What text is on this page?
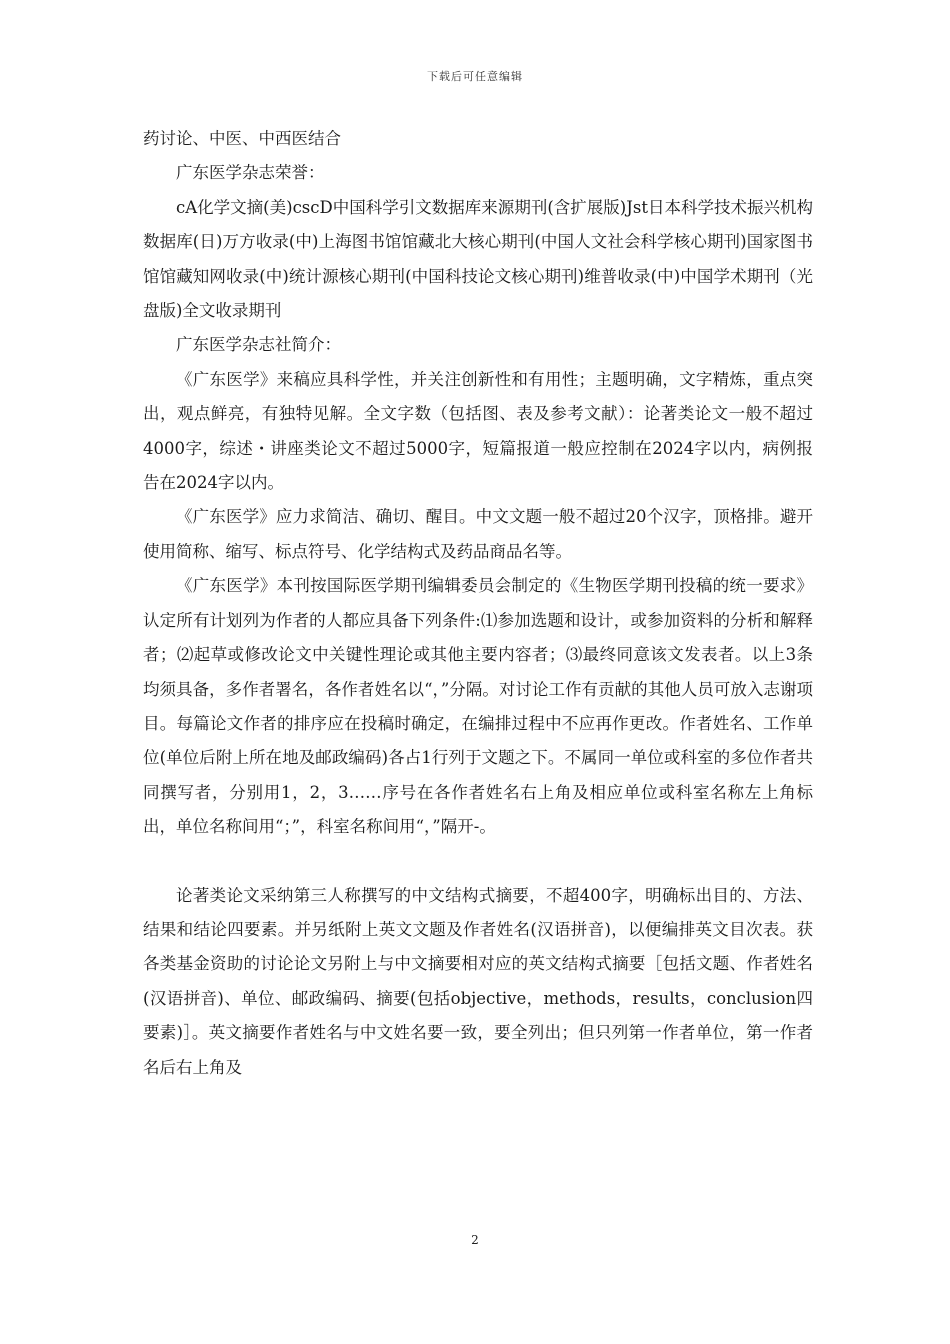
下载后可任意编辑

药讨论、中医、中西医结合

广东医学杂志荣誉：

cA化学文摘(美)cscD中国科学引文数据库来源期刊(含扩展版)Jst日本科学技术振兴机构数据库(日)万方收录(中)上海图书馆馆藏北大核心期刊(中国人文社会科学核心期刊)国家图书馆馆藏知网收录(中)统计源核心期刊(中国科技论文核心期刊)维普收录(中)中国学术期刊（光盘版)全文收录期刊

广东医学杂志社简介：

《广东医学》来稿应具科学性，并关注创新性和有用性；主题明确，文字精炼，重点突出，观点鲜亮，有独特见解。全文字数（包括图、表及参考文献）：论著类论文一般不超过4000字，综述・讲座类论文不超过5000字，短篇报道一般应控制在2024字以内，病例报告在2024字以内。

《广东医学》应力求简洁、确切、醒目。中文文题一般不超过20个汉字，顶格排。避开使用简称、缩写、标点符号、化学结构式及药品商品名等。

《广东医学》本刊按国际医学期刊编辑委员会制定的《生物医学期刊投稿的统一要求》认定所有计划列为作者的人都应具备下列条件:⑴参加选题和设计，或参加资料的分析和解释者；⑵起草或修改论文中关键性理论或其他主要内容者；⑶最终同意该文发表者。以上3条均须具备，多作者署名，各作者姓名以“，”分隔。对讨论工作有贡献的其他人员可放入志谢项目。每篇论文作者的排序应在投稿时确定，在编排过程中不应再作更改。作者姓名、工作单位(单位后附上所在地及邮政编码)各占1行列于文题之下。不属同一单位或科室的多位作者共同撰写者，分别用1，2，3……序号在各作者姓名右上角及相应单位或科室名称左上角标出，单位名称间用“；”，科室名称间用“，”隔开-。

论著类论文采纳第三人称撰写的中文结构式摘要，不超400字，明确标出目的、方法、结果和结论四要素。并另纸附上英文文题及作者姓名(汉语拼音)，以便编排英文目次表。获各类基金资助的讨论论文另附上与中文摘要相对应的英文结构式摘要［包括文题、作者姓名(汉语拼音)、单位、邮政编码、摘要(包括objective，methods，results，conclusion四要素)］。英文摘要作者姓名与中文姓名要一致，要全列出；但只列第一作者单位，第一作者名后右上角及

2
